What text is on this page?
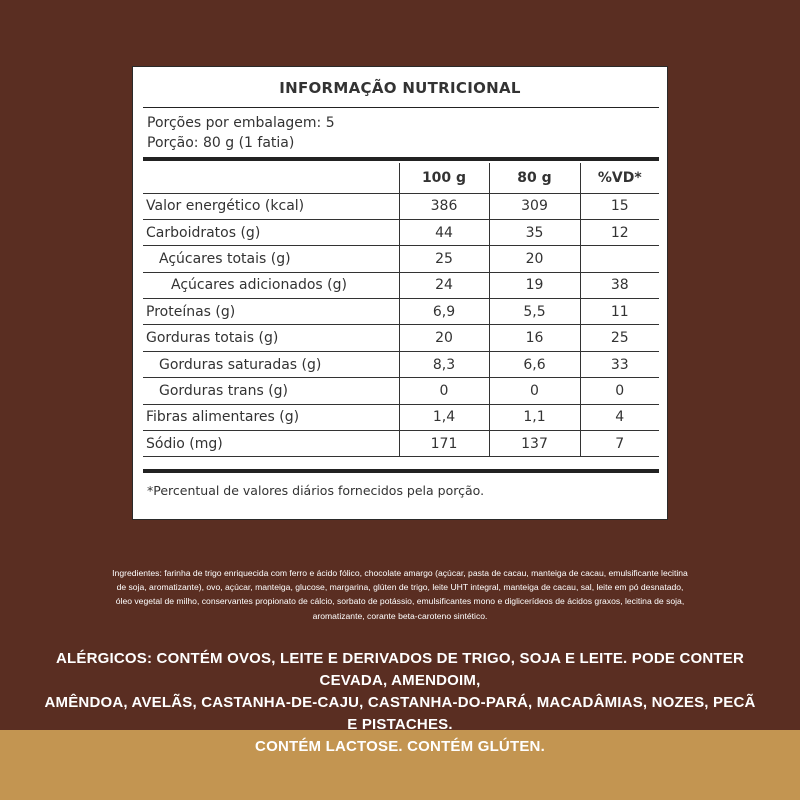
INFORMAÇÃO NUTRICIONAL
Porções por embalagem: 5
Porção: 80 g (1 fatia)
	100 g	80 g	%VD*
Valor energético (kcal)	386	309	15
Carboidratos (g)	44	35	12
Açúcares totais (g)	25	20	
Açúcares adicionados (g)	24	19	38
Proteínas (g)	6,9	5,5	11
Gorduras totais (g)	20	16	25
Gorduras saturadas (g)	8,3	6,6	33
Gorduras trans (g)	0	0	0
Fibras alimentares (g)	1,4	1,1	4
Sódio (mg)	171	137	7
*Percentual de valores diários fornecidos pela porção.
Ingredientes: farinha de trigo enriquecida com ferro e ácido fólico, chocolate amargo (açúcar, pasta de cacau, manteiga de cacau, emulsificante lecitina
de soja, aromatizante), ovo, açúcar, manteiga, glucose, margarina, glúten de trigo, leite UHT integral, manteiga de cacau, sal, leite em pó desnatado,
óleo vegetal de milho, conservantes propionato de cálcio, sorbato de potássio, emulsificantes mono e diglicerídeos de ácidos graxos, lecitina de soja,
aromatizante, corante beta-caroteno sintético.
ALÉRGICOS: CONTÉM OVOS, LEITE E DERIVADOS DE TRIGO, SOJA E LEITE. PODE CONTER CEVADA, AMENDOIM,
AMÊNDOA, AVELÃS, CASTANHA-DE-CAJU, CASTANHA-DO-PARÁ, MACADÂMIAS, NOZES, PECÃ E PISTACHES.
CONTÉM LACTOSE. CONTÉM GLÚTEN.
